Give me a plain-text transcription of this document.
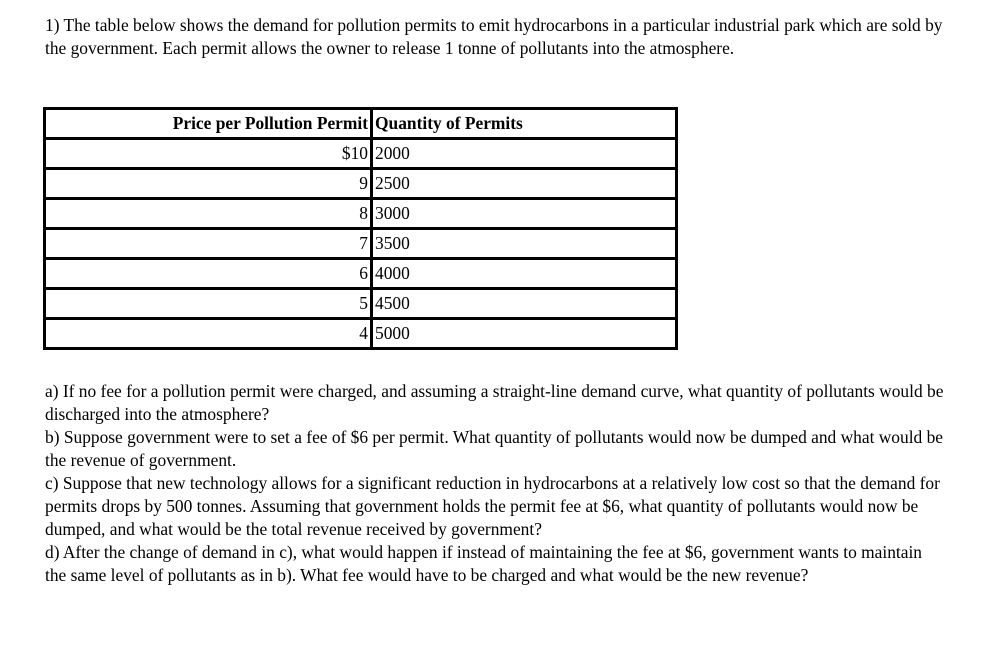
1) The table below shows the demand for pollution permits to emit hydrocarbons in a particular industrial park which are sold by the government. Each permit allows the owner to release 1 tonne of pollutants into the atmosphere.

Price per Pollution Permit	Quantity of Permits
$10	2000
9	2500
8	3000
7	3500
6	4000
5	4500
4	5000

a) If no fee for a pollution permit were charged, and assuming a straight-line demand curve, what quantity of pollutants would be discharged into the atmosphere?

b) Suppose government were to set a fee of $6 per permit. What quantity of pollutants would now be dumped and what would be the revenue of government.

c) Suppose that new technology allows for a significant reduction in hydrocarbons at a relatively low cost so that the demand for permits drops by 500 tonnes. Assuming that government holds the permit fee at $6, what quantity of pollutants would now be dumped, and what would be the total revenue received by government?

d) After the change of demand in c), what would happen if instead of maintaining the fee at $6, government wants to maintain the same level of pollutants as in b). What fee would have to be charged and what would be the new revenue?
